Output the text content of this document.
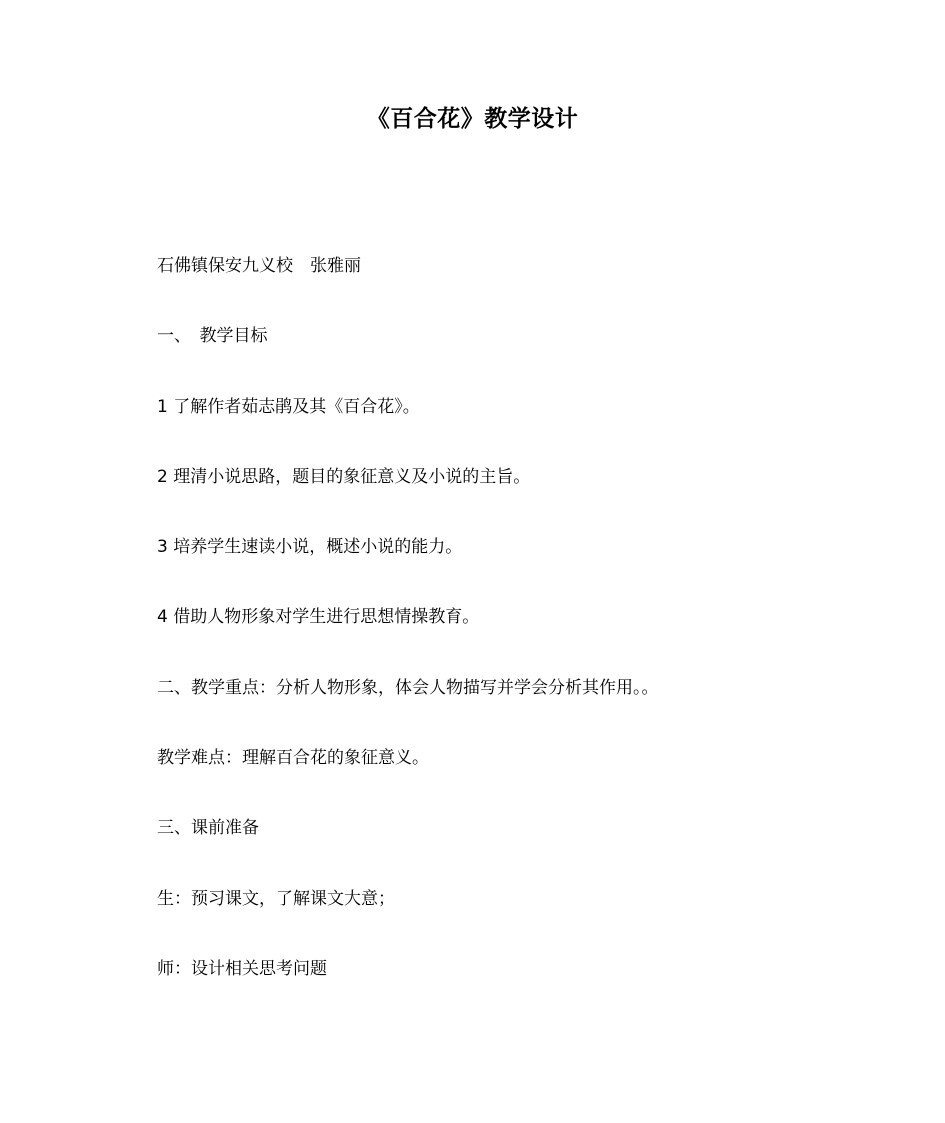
《百合花》教学设计
石佛镇保安九义校　张雅丽
一、　教学目标
1 了解作者茹志鹃及其《百合花》。
2 理清小说思路，题目的象征意义及小说的主旨。
3 培养学生速读小说，概述小说的能力。
4 借助人物形象对学生进行思想情操教育。
二、教学重点：分析人物形象，体会人物描写并学会分析其作用。。
教学难点：理解百合花的象征意义。
三、课前准备
生：预习课文，了解课文大意；
师：设计相关思考问题
